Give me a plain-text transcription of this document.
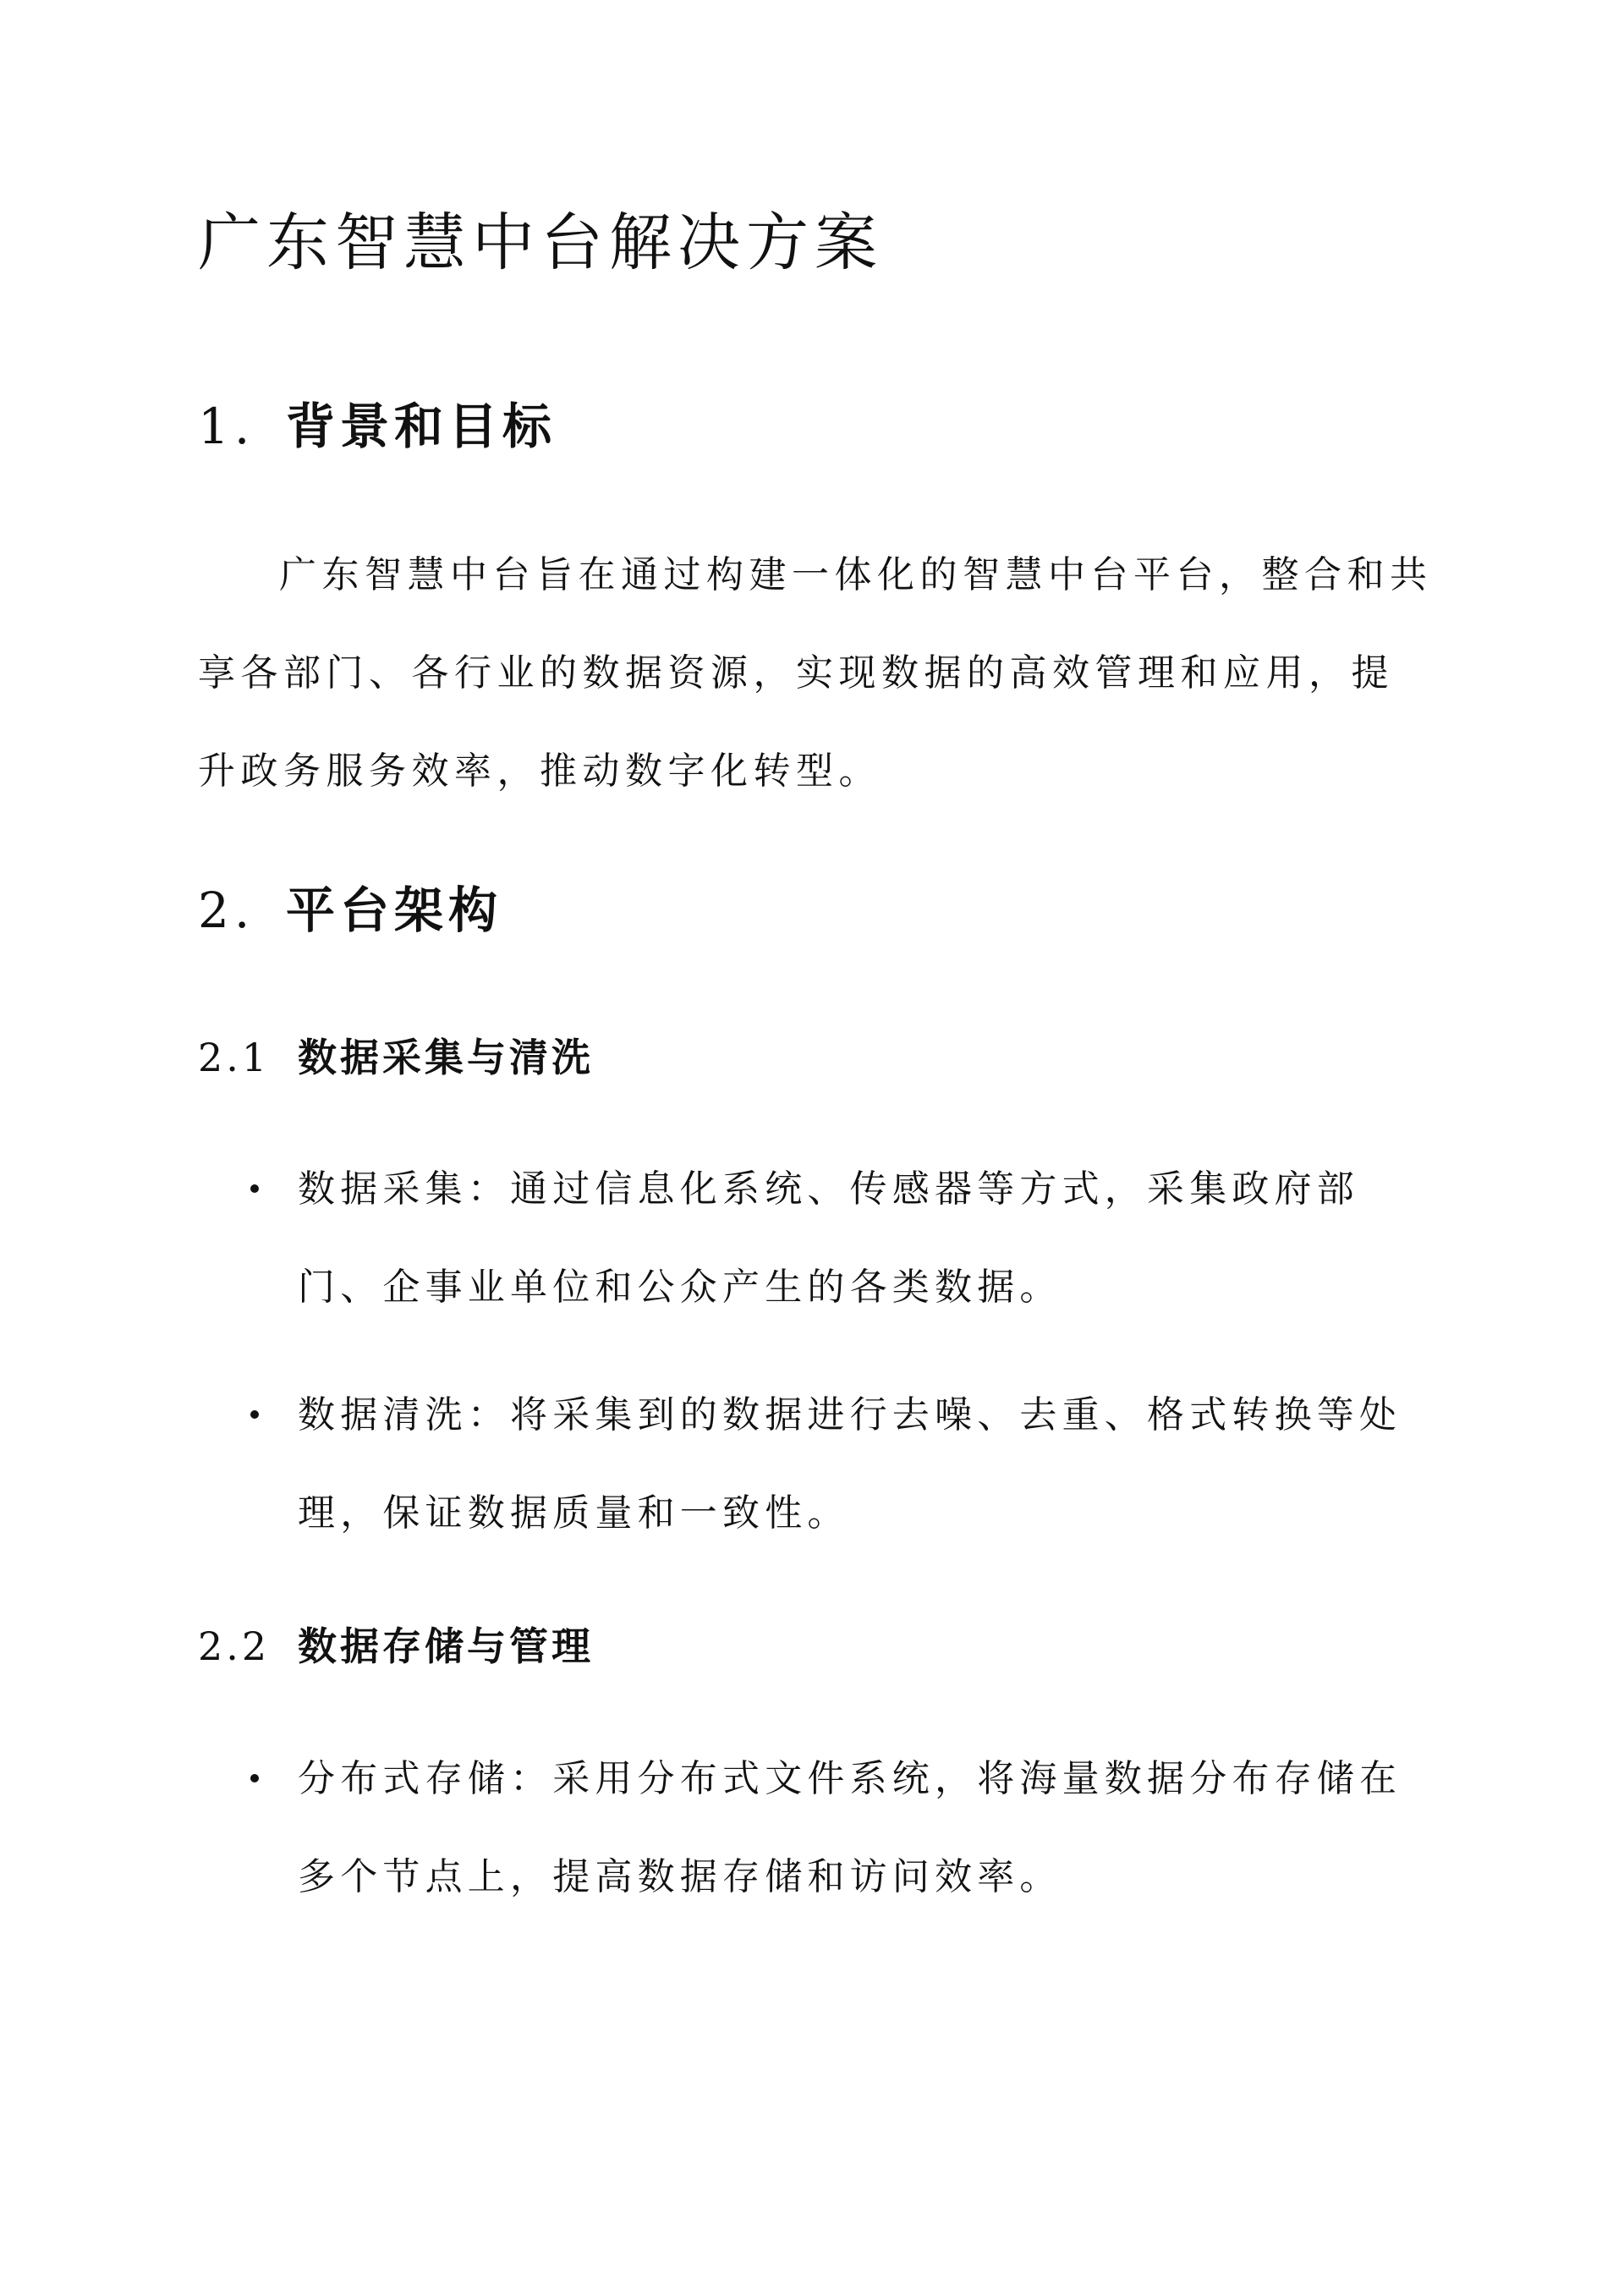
广东智慧中台解决方案
1. 背景和目标

广东智慧中台旨在通过构建一体化的智慧中台平台，整合和共享各部门、各行业的数据资源，实现数据的高效管理和应用，提升政务服务效率，推动数字化转型。

2. 平台架构
2.1 数据采集与清洗
数据采集：通过信息化系统、传感器等方式，采集政府部门、企事业单位和公众产生的各类数据。
数据清洗：将采集到的数据进行去噪、去重、格式转换等处理，保证数据质量和一致性。
2.2 数据存储与管理
分布式存储：采用分布式文件系统，将海量数据分布存储在多个节点上，提高数据存储和访问效率。
